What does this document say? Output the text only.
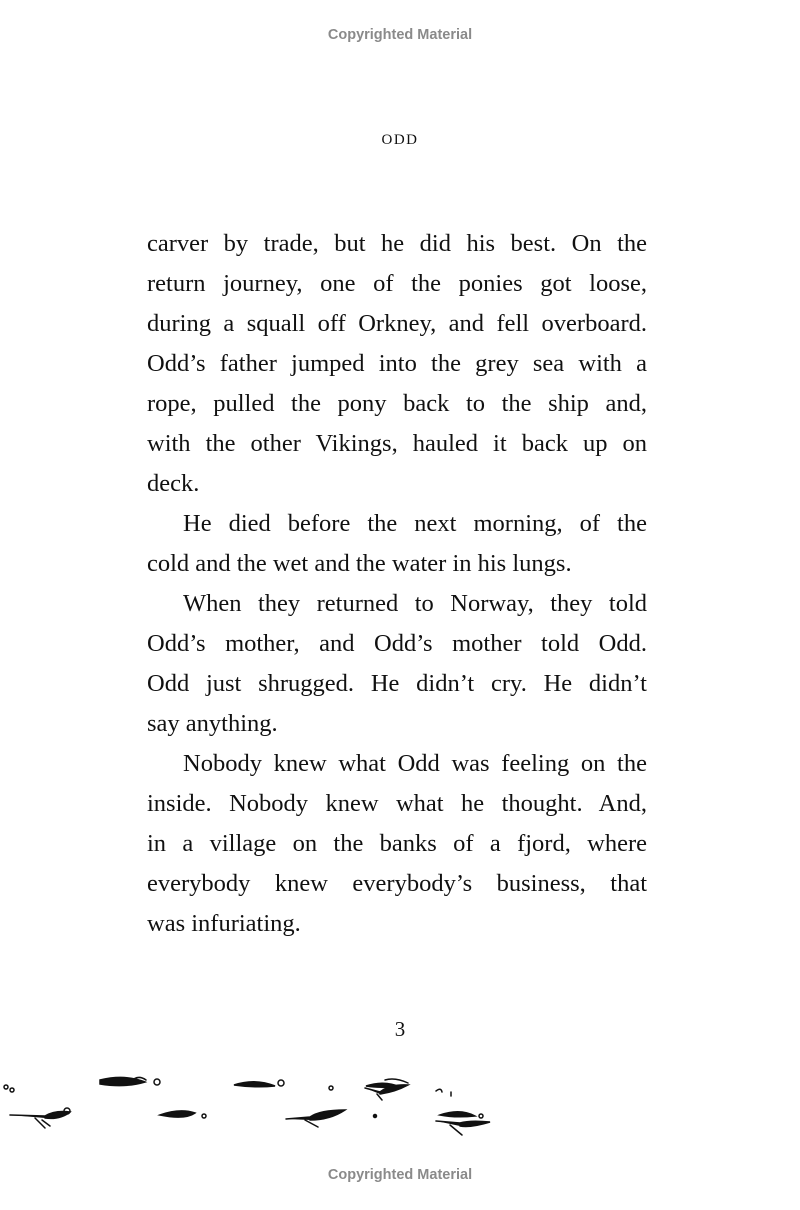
Copyrighted Material
ODD
carver by trade, but he did his best. On the
return journey, one of the ponies got loose,
during a squall off Orkney, and fell overboard.
Odd’s father jumped into the grey sea with a
rope, pulled the pony back to the ship and,
with the other Vikings, hauled it back up on
deck.
He died before the next morning, of the
cold and the wet and the water in his lungs.
When they returned to Norway, they told
Odd’s mother, and Odd’s mother told Odd.
Odd just shrugged. He didn’t cry. He didn’t
say anything.
Nobody knew what Odd was feeling on the
inside. Nobody knew what he thought. And,
in a village on the banks of a fjord, where
everybody knew everybody’s business, that
was infuriating.
3
Copyrighted Material
